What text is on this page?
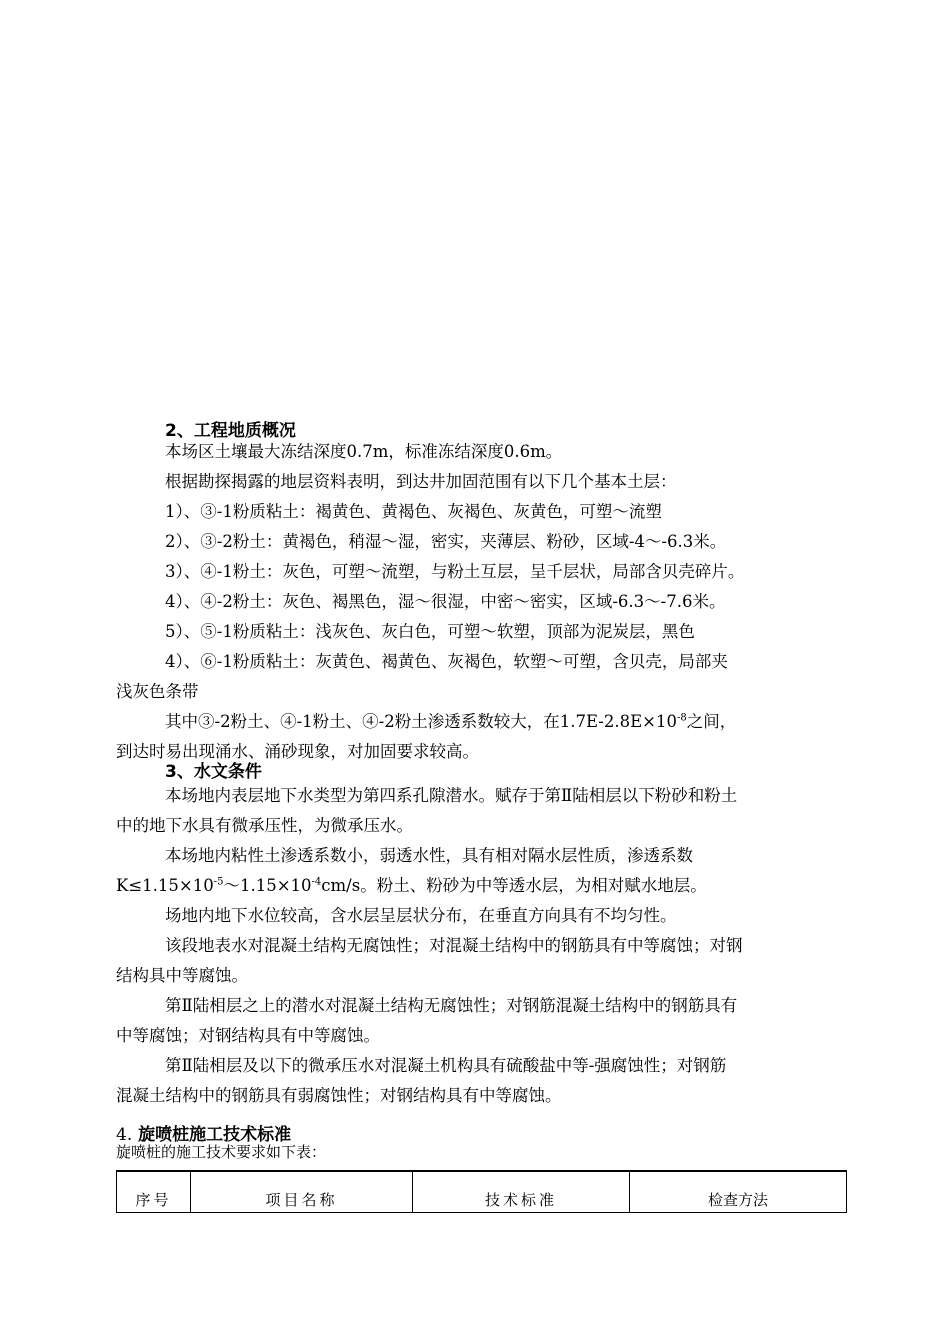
2、工程地质概况
本场区土壤最大冻结深度0.7m，标准冻结深度0.6m。
根据勘探揭露的地层资料表明，到达井加固范围有以下几个基本土层：
1）、③-1粉质粘土：褐黄色、黄褐色、灰褐色、灰黄色，可塑～流塑
2）、③-2粉土：黄褐色，稍湿～湿，密实，夹薄层、粉砂，区域-4～-6.3米。
3）、④-1粉土：灰色，可塑～流塑，与粉土互层，呈千层状，局部含贝壳碎片。
4）、④-2粉土：灰色、褐黑色，湿～很湿，中密～密实，区域-6.3～-7.6米。
5）、⑤-1粉质粘土：浅灰色、灰白色，可塑～软塑，顶部为泥炭层，黑色
4）、⑥-1粉质粘土：灰黄色、褐黄色、灰褐色，软塑～可塑，含贝壳，局部夹
浅灰色条带
其中③-2粉土、④-1粉土、④-2粉土渗透系数较大，在$1.7E-2.8E\times 10^{-8}$之间，
到达时易出现涌水、涌砂现象，对加固要求较高。
3、水文条件
本场地内表层地下水类型为第四系孔隙潜水。赋存于第Ⅱ陆相层以下粉砂和粉土
中的地下水具有微承压性，为微承压水。
本场地内粘性土渗透系数小，弱透水性，具有相对隔水层性质，渗透系数
$K\le 1.15\times 10^{-5}\sim 1.15\times 10^{-4}cm/s$。粉土、粉砂为中等透水层，为相对赋水地层。
场地内地下水位较高，含水层呈层状分布，在垂直方向具有不均匀性。
该段地表水对混凝土结构无腐蚀性；对混凝土结构中的钢筋具有中等腐蚀；对钢
结构具中等腐蚀。
第Ⅱ陆相层之上的潜水对混凝土结构无腐蚀性；对钢筋混凝土结构中的钢筋具有
中等腐蚀；对钢结构具有中等腐蚀。
第Ⅱ陆相层及以下的微承压水对混凝土机构具有硫酸盐中等-强腐蚀性；对钢筋
混凝土结构中的钢筋具有弱腐蚀性；对钢结构具有中等腐蚀。
4. 旋喷桩施工技术标准
旋喷桩的施工技术要求如下表：
序号	项目名称	技术标准	检查方法
